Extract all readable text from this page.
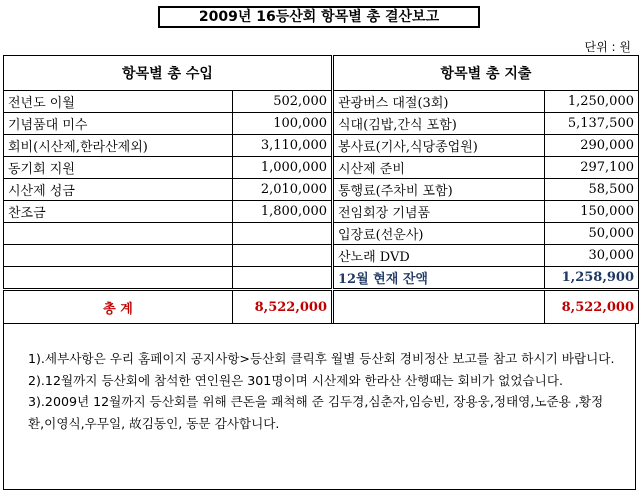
2009년 16등산회 항목별 총 결산보고
단위 : 원
항목별 총 수입	
전년도 이월	502,000
기념품대 미수	100,000
회비(시산제,한라산제외)	3,110,000
동기회 지원	1,000,000
시산제 성금	2,010,000
찬조금	1,800,000

총 계	8,522,000
항목별 총 지출	
관광버스 대절(3회)	1,250,000
식대(김밥,간식 포함)	5,137,500
봉사료(기사,식당종업원)	290,000
시산제 준비	297,100
통행료(주차비 포함)	58,500
전임회장 기념품	150,000
입장료(선운사)	50,000
산노래 DVD	30,000
12월 현재 잔액	1,258,900
	8,522,000

1).세부사항은 우리 홈페이지 공지사항>등산회 클릭후 월별 등산회 경비정산 보고를 참고 하시기 바랍니다.

2).12월까지 등산회에 참석한 연인원은 301명이며 시산제와 한라산 산행때는 회비가 없었습니다.

3).2009년 12월까지 등산회를 위해 큰돈을 쾌척해 준 김두경,심춘자,임승빈, 장용웅,정태영,노준용 ,황정환,이영식,우무일, 故김동인, 동문 감사합니다.
